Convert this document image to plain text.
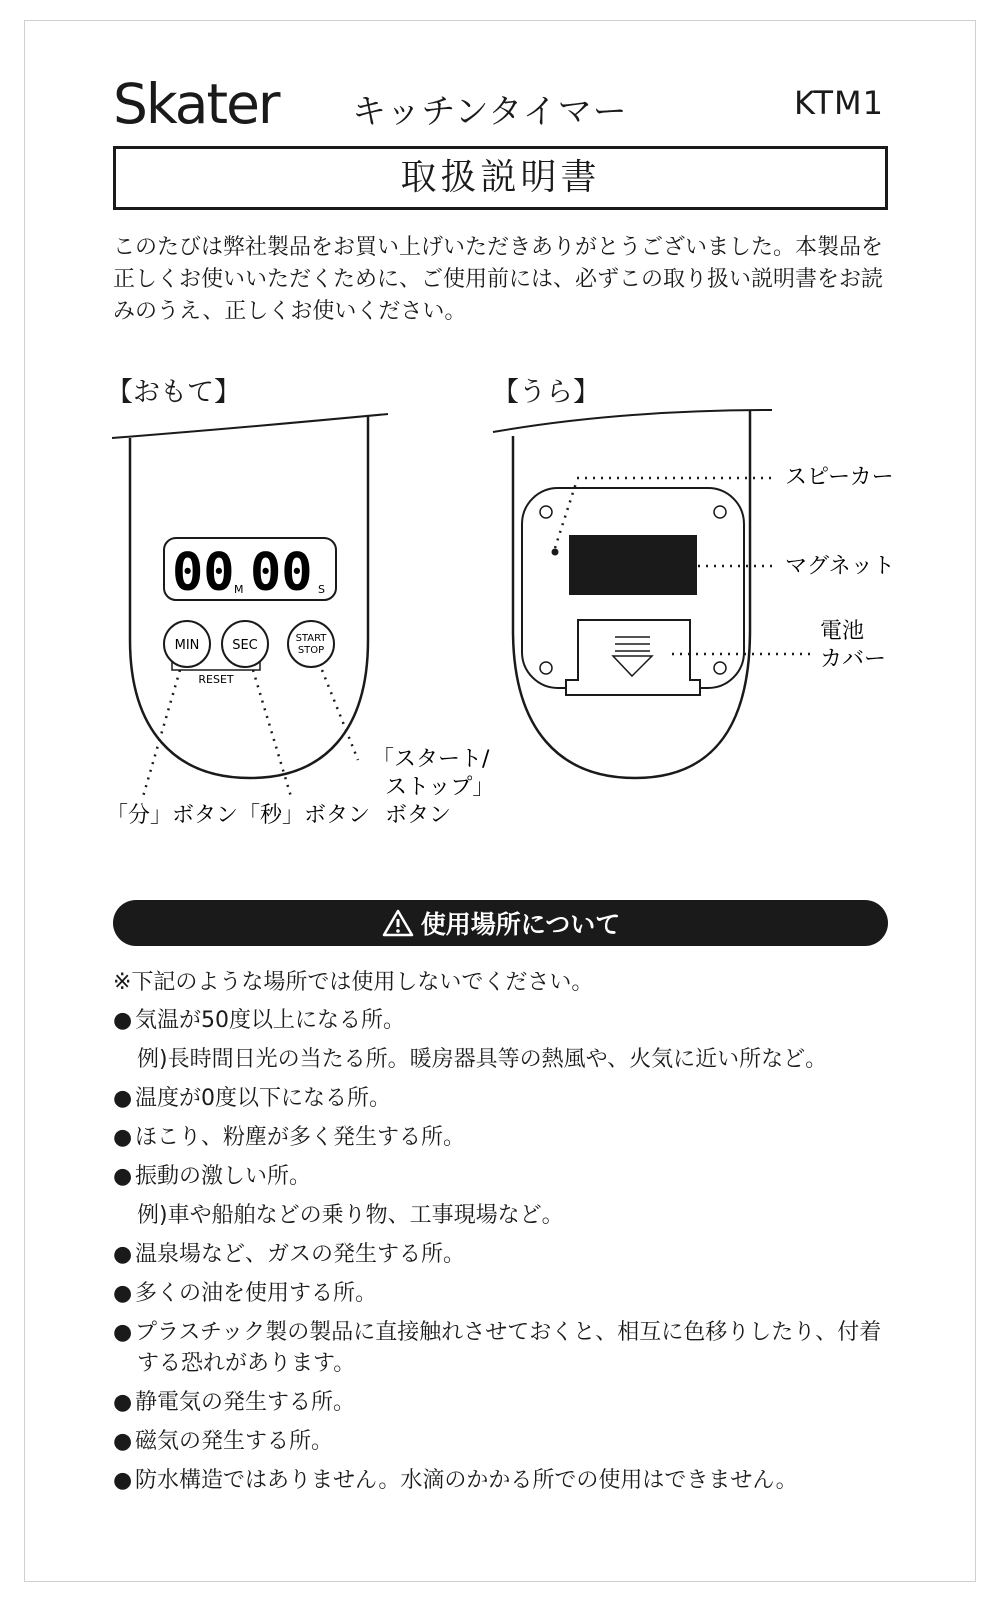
Skater キッチンタイマー	KTM1
取扱説明書

このたびは弊社製品をお買い上げいただきありがとうございました。本製品を正しくお使いいただくために、ご使用前には、必ずこの取り扱い説明書をお読みのうえ、正しくお使いください。

【おもて】	【うら】
00 M 00 S
MIN	SEC	START
STOP
RESET
「分」ボタン 「秒」ボタン
「スタート/
ストップ」
ボタン
スピーカー
マグネット
電池
カバー
使用場所について
※下記のような場所では使用しないでください。
● 気温が50度以上になる所。
例)長時間日光の当たる所。暖房器具等の熱風や、火気に近い所など。
● 温度が0度以下になる所。
● ほこり、粉塵が多く発生する所。
● 振動の激しい所。
例)車や船舶などの乗り物、工事現場など。
● 温泉場など、ガスの発生する所。
● 多くの油を使用する所。
● プラスチック製の製品に直接触れさせておくと、相互に色移りしたり、付着
する恐れがあります。
● 静電気の発生する所。
● 磁気の発生する所。
● 防水構造ではありません。水滴のかかる所での使用はできません。
